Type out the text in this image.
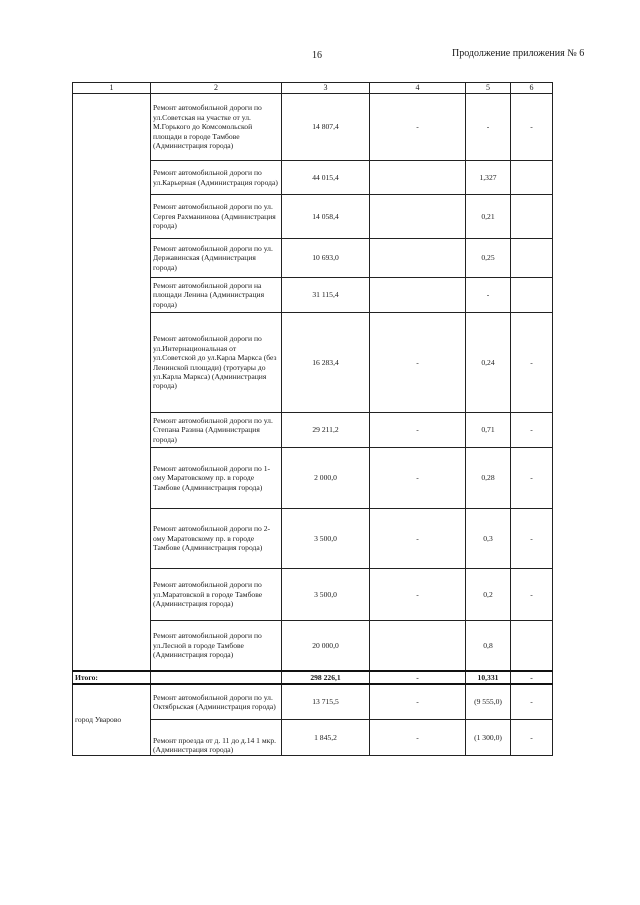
16	Продолжение приложения № 6
1	2	3	4	5	6
	Ремонт автомобильной дороги по ул.Советская на участке от ул. М.Горького до Комсомольской площади в городе Тамбове (Администрация города)	14 807,4	-	-	-
	Ремонт автомобильной дороги по ул.Карьерная (Администрация города)	44 015,4		1,327	
	Ремонт автомобильной дороги по ул. Сергея Рахманинова (Администрация города)	14 058,4		0,21	
	Ремонт автомобильной дороги по ул. Державинская (Администрация города)	10 693,0		0,25	
	Ремонт автомобильной дороги на площади Ленина (Администрация города)	31 115,4		-	
	Ремонт автомобильной дороги по ул.Интернациональная от ул.Советской до ул.Карла Маркса (без Ленинской площади) (тротуары до ул.Карла Маркса) (Администрация города)	16 283,4	-	0,24	-
	Ремонт автомобильной дороги по ул. Степана Разина (Администрация города)	29 211,2	-	0,71	-
	Ремонт автомобильной дороги по 1-ому Маратовскому пр. в городе Тамбове (Администрация города)	2 000,0	-	0,28	-
	Ремонт автомобильной дороги по 2-ому Маратовскому пр. в городе Тамбове (Администрация города)	3 500,0	-	0,3	-
	Ремонт автомобильной дороги по ул.Маратовской в городе Тамбове (Администрация города)	3 500,0	-	0,2	-
	Ремонт автомобильной дороги по ул.Лесной в городе Тамбове (Администрация города)	20 000,0		0,8	
Итого:		298 226,1	-	10,331	-
город Уварово	Ремонт автомобильной дороги по ул. Октябрьская (Администрация города)	13 715,5	-	(9 555,0)	-
	Ремонт проезда от д. 11 до д.14 1 мкр. (Администрация города)	1 845,2	-	(1 300,0)	-
